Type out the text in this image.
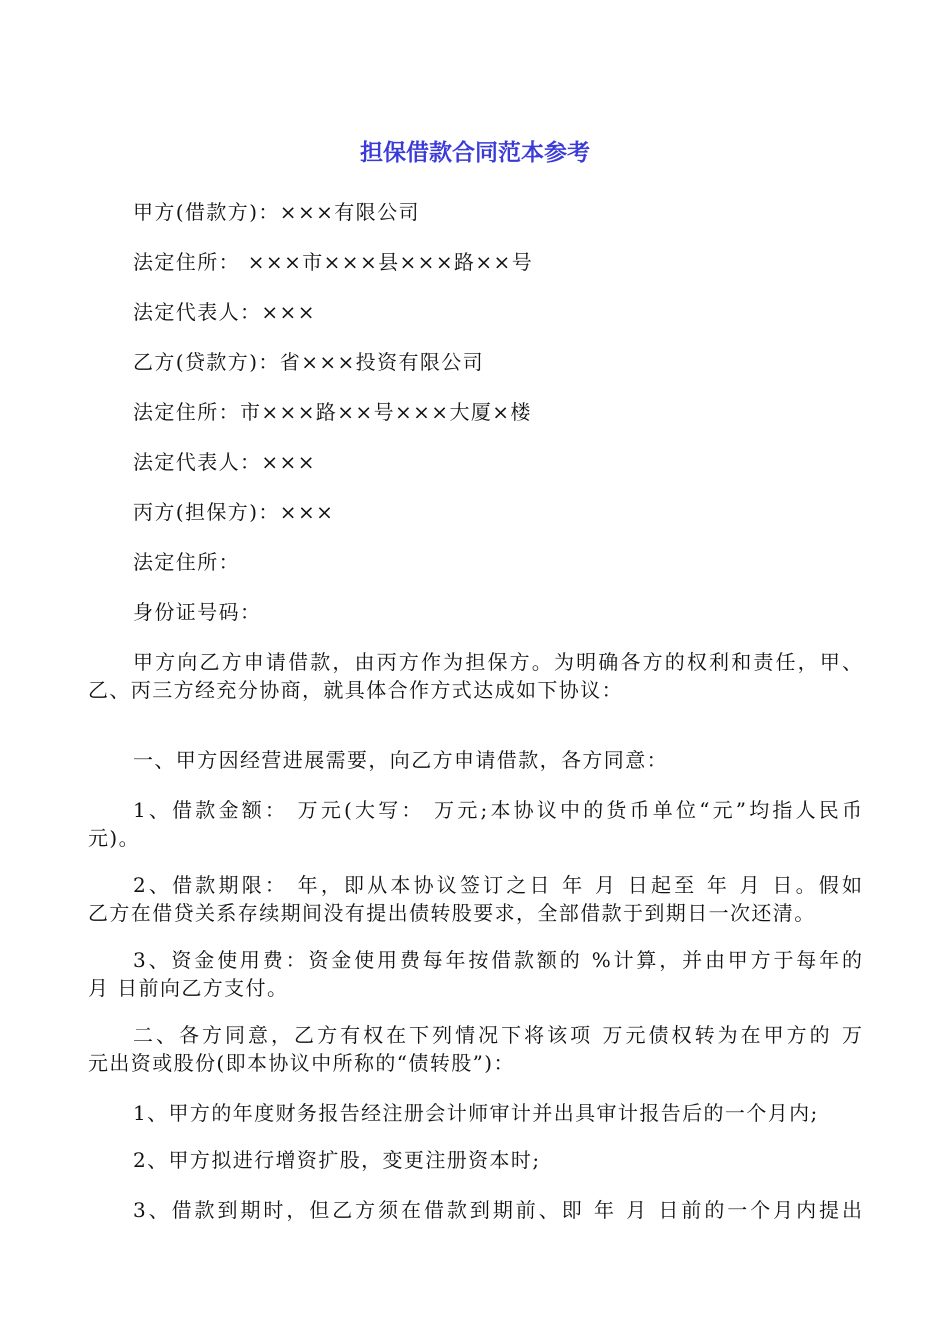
担保借款合同范本参考
甲方(借款方)：×××有限公司
法定住所： ×××市×××县×××路××号
法定代表人：×××
乙方(贷款方)：省×××投资有限公司
法定住所：市×××路××号×××大厦×楼
法定代表人：×××
丙方(担保方)：×××
法定住所：
身份证号码：
甲方向乙方申请借款，由丙方作为担保方。为明确各方的权利和责任，甲、
乙、丙三方经充分协商，就具体合作方式达成如下协议：
一、甲方因经营进展需要，向乙方申请借款，各方同意：
1、借款金额： 万元(大写： 万元;本协议中的货币单位“元”均指人民币
元)。
2、借款期限： 年，即从本协议签订之日 年 月 日起至 年 月 日。假如
乙方在借贷关系存续期间没有提出债转股要求，全部借款于到期日一次还清。
3、资金使用费：资金使用费每年按借款额的 %计算，并由甲方于每年的
月 日前向乙方支付。
二、各方同意，乙方有权在下列情况下将该项 万元债权转为在甲方的 万
元出资或股份(即本协议中所称的“债转股”)：
1、甲方的年度财务报告经注册会计师审计并出具审计报告后的一个月内;
2、甲方拟进行增资扩股，变更注册资本时;
3、借款到期时，但乙方须在借款到期前、即 年 月 日前的一个月内提出
